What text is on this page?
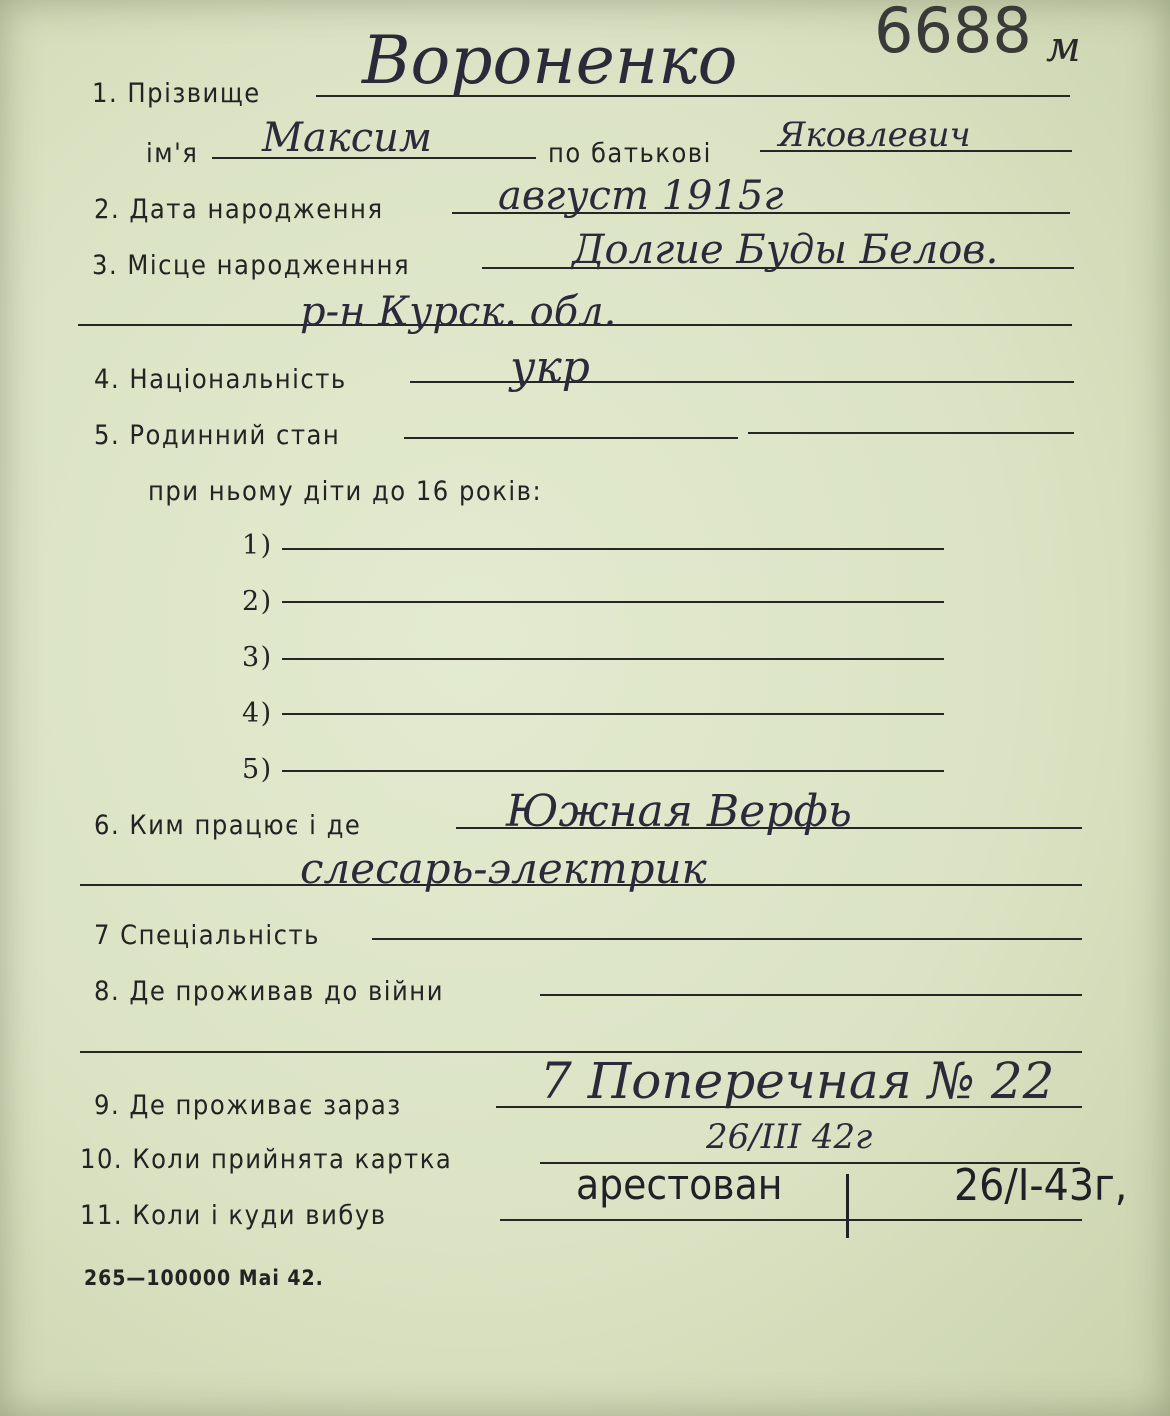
6688 м
1. Прізвище Вороненко
ім'я Максим	по батькові Яковлевич
2. Дата народження	август 1915г
3. Місце народженння	Долгие Буды Белов.
р-н Курск. обл.
4. Національність	укр
5. Родинний стан
при ньому діти до 16 років:
1)
2)
3)
4)
5)
6. Ким працює і де	Южная Верфь
слесарь-электрик
7 Спеціальність
8. Де проживав до війни
9. Де проживає зараз	7 Поперечная № 22
10. Коли прийнята картка
26/III 42г
11. Коли і куди вибув
арестован	26/I-43г,
265—100000 Маі 42.
